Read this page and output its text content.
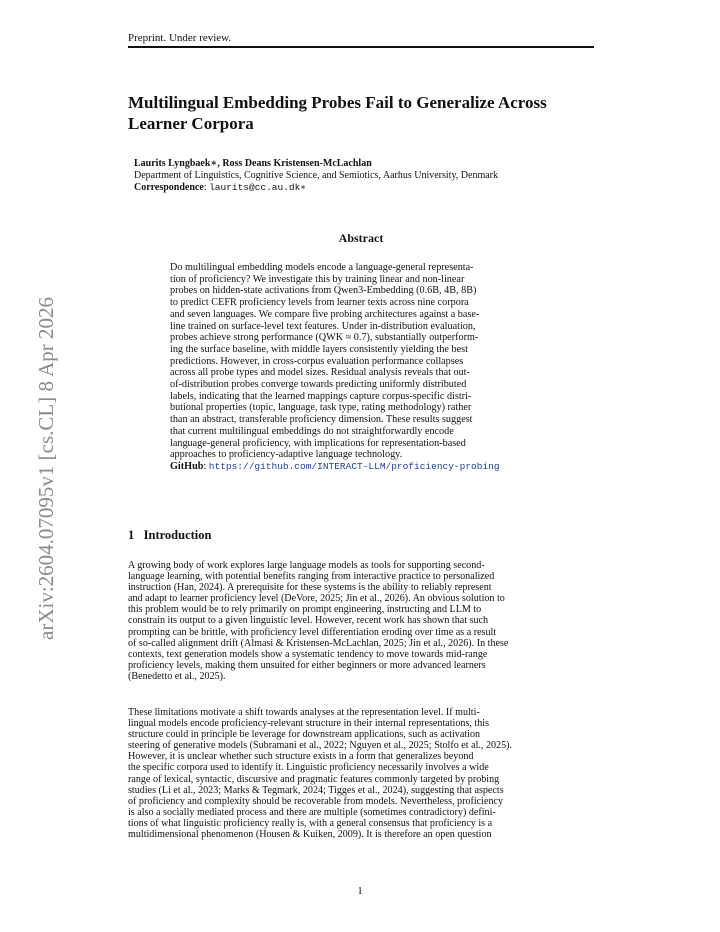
Preprint. Under review.
Multilingual Embedding Probes Fail to Generalize Across
Learner Corpora
Laurits Lyngbaek∗, Ross Deans Kristensen-McLachlan
Department of Linguistics, Cognitive Science, and Semiotics, Aarhus University, Denmark
Correspondence: laurits@cc.au.dk∗
Abstract
Do multilingual embedding models encode a language-general representa-
tion of proficiency? We investigate this by training linear and non-linear
probes on hidden-state activations from Qwen3-Embedding (0.6B, 4B, 8B)
to predict CEFR proficiency levels from learner texts across nine corpora
and seven languages. We compare five probing architectures against a base-
line trained on surface-level text features. Under in-distribution evaluation,
probes achieve strong performance (QWK ≈ 0.7), substantially outperform-
ing the surface baseline, with middle layers consistently yielding the best
predictions. However, in cross-corpus evaluation performance collapses
across all probe types and model sizes. Residual analysis reveals that out-
of-distribution probes converge towards predicting uniformly distributed
labels, indicating that the learned mappings capture corpus-specific distri-
butional properties (topic, language, task type, rating methodology) rather
than an abstract, transferable proficiency dimension. These results suggest
that current multilingual embeddings do not straightforwardly encode
language-general proficiency, with implications for representation-based
approaches to proficiency-adaptive language technology.
GitHub: https://github.com/INTERACT-LLM/proficiency-probing
1 Introduction
A growing body of work explores large language models as tools for supporting second-
language learning, with potential benefits ranging from interactive practice to personalized
instruction (Han, 2024). A prerequisite for these systems is the ability to reliably represent
and adapt to learner proficiency level (DeVore, 2025; Jin et al., 2026). An obvious solution to
this problem would be to rely primarily on prompt engineering, instructing and LLM to
constrain its output to a given linguistic level. However, recent work has shown that such
prompting can be brittle, with proficiency level differentiation eroding over time as a result
of so-called alignment drift (Almasi & Kristensen-McLachlan, 2025; Jin et al., 2026). In these
contexts, text generation models show a systematic tendency to move towards mid-range
proficiency levels, making them unsuited for either beginners or more advanced learners
(Benedetto et al., 2025).
These limitations motivate a shift towards analyses at the representation level. If multi-
lingual models encode proficiency-relevant structure in their internal representations, this
structure could in principle be leverage for downstream applications, such as activation
steering of generative models (Subramani et al., 2022; Nguyen et al., 2025; Stolfo et al., 2025).
However, it is unclear whether such structure exists in a form that generalizes beyond
the specific corpora used to identify it. Linguistic proficiency necessarily involves a wide
range of lexical, syntactic, discursive and pragmatic features commonly targeted by probing
studies (Li et al., 2023; Marks & Tegmark, 2024; Tigges et al., 2024), suggesting that aspects
of proficiency and complexity should be recoverable from models. Nevertheless, proficiency
is also a socially mediated process and there are multiple (sometimes contradictory) defini-
tions of what linguistic proficiency really is, with a general consensus that proficiency is a
multidimensional phenomenon (Housen & Kuiken, 2009). It is therefore an open question
arXiv:2604.07095v1 [cs.CL] 8 Apr 2026
1
